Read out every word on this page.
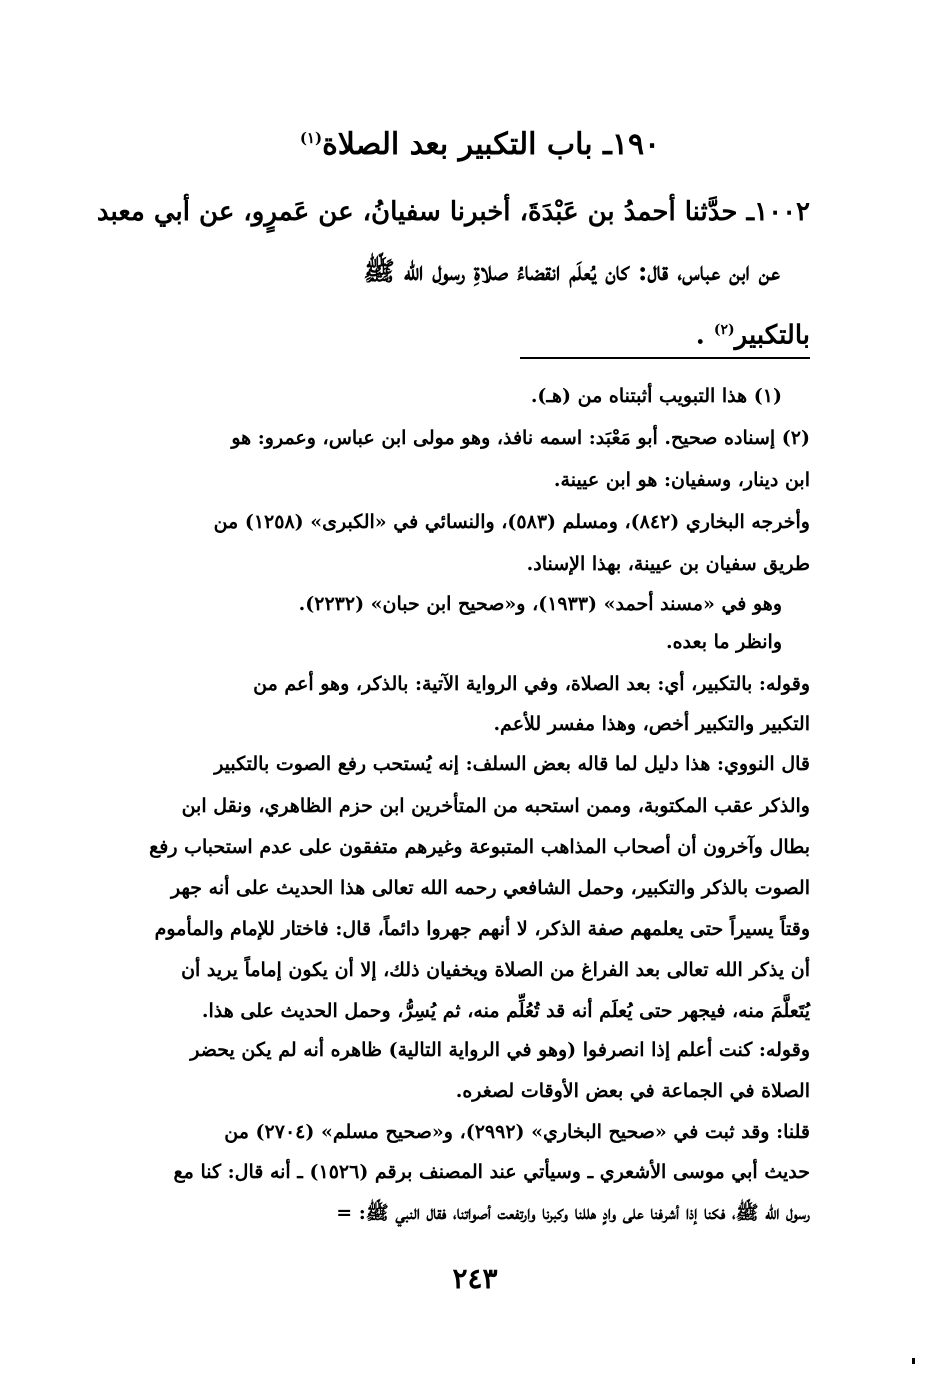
١٩٠ـ باب التكبير بعد الصلاة$^{(١)}$
١٠٠٢ـ حدَّثنا أحمدُ بن عَبْدَةَ، أخبرنا سفيانُ، عن عَمرٍو، عن أبي معبد
عن ابن عباس، قال: كان يُعلَم انقضاءُ صلاةِ رسول الله ﷺ
بالتكبير$^{(٢)}$ .
(١) هذا التبويب أثبتناه من (هـ).
(٢) إسناده صحيح. أبو مَعْبَد: اسمه نافذ، وهو مولى ابن عباس، وعمرو: هو
ابن دينار، وسفيان: هو ابن عيينة.
وأخرجه البخاري (٨٤٢)، ومسلم (٥٨٣)، والنسائي في «الكبرى» (١٢٥٨) من
طريق سفيان بن عيينة، بهذا الإسناد.
وهو في «مسند أحمد» (١٩٣٣)، و«صحيح ابن حبان» (٢٢٣٢).
وانظر ما بعده.
وقوله: بالتكبير، أي: بعد الصلاة، وفي الرواية الآتية: بالذكر، وهو أعم من
التكبير والتكبير أخص، وهذا مفسر للأعم.
قال النووي: هذا دليل لما قاله بعض السلف: إنه يُستحب رفع الصوت بالتكبير
والذكر عقب المكتوبة، وممن استحبه من المتأخرين ابن حزم الظاهري، ونقل ابن
بطال وآخرون أن أصحاب المذاهب المتبوعة وغيرهم متفقون على عدم استحباب رفع
الصوت بالذكر والتكبير، وحمل الشافعي رحمه الله تعالى هذا الحديث على أنه جهر
وقتاً يسيراً حتى يعلمهم صفة الذكر، لا أنهم جهروا دائماً، قال: فاختار للإمام والمأموم
أن يذكر الله تعالى بعد الفراغ من الصلاة ويخفيان ذلك، إلا أن يكون إماماً يريد أن
يُتَعلَّمَ منه، فيجهر حتى يُعلَم أنه قد تُعُلِّم منه، ثم يُسِرُّ، وحمل الحديث على هذا.
وقوله: كنت أعلم إذا انصرفوا (وهو في الرواية التالية) ظاهره أنه لم يكن يحضر
الصلاة في الجماعة في بعض الأوقات لصغره.
قلنا: وقد ثبت في «صحيح البخاري» (٢٩٩٢)، و«صحيح مسلم» (٢٧٠٤) من
حديث أبي موسى الأشعري ـ وسيأتي عند المصنف برقم (١٥٢٦) ـ أنه قال: كنا مع
رسول الله ﷺ، فكنا إذا أشرفنا على وادٍ هللنا وكبرنا وارتفعت أصواتنا، فقال النبي ﷺ: =
٢٤٣
